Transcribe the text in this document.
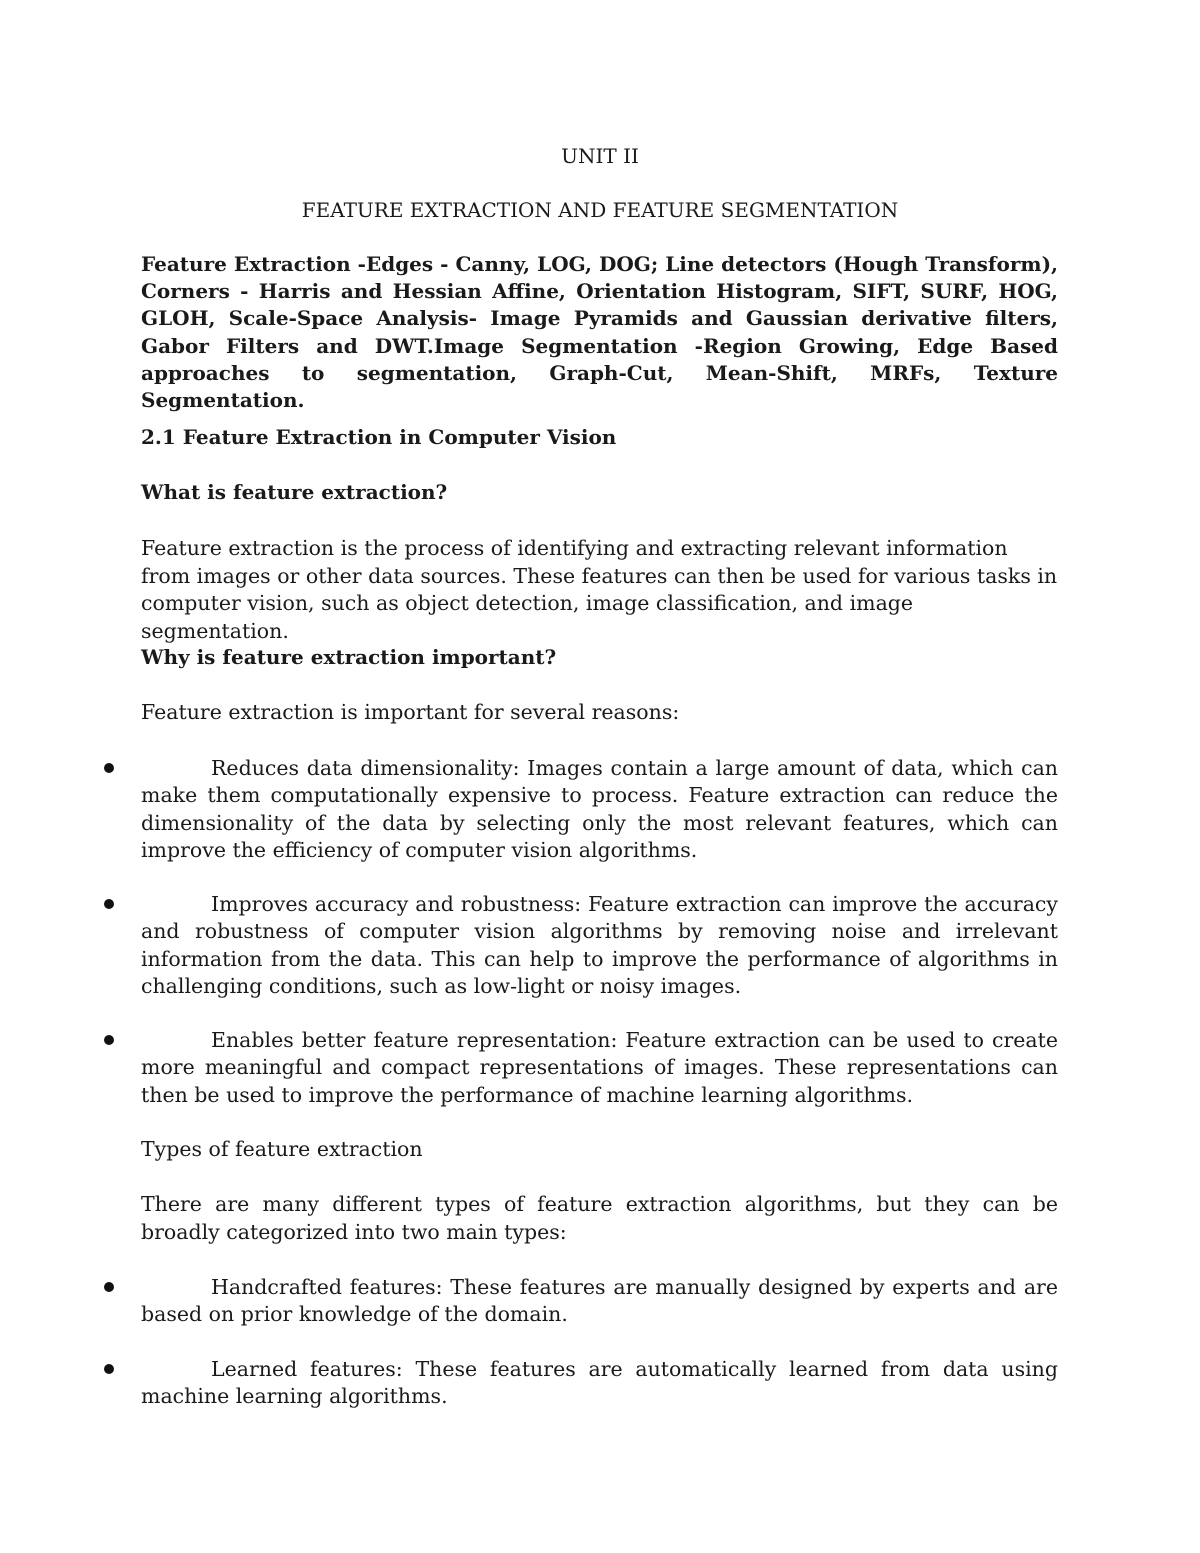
UNIT II
FEATURE EXTRACTION AND FEATURE SEGMENTATION
Feature Extraction -Edges - Canny, LOG, DOG; Line detectors (Hough Transform), Corners - Harris and Hessian Affine, Orientation Histogram, SIFT, SURF, HOG, GLOH, Scale-Space Analysis- Image Pyramids and Gaussian derivative filters, Gabor Filters and DWT.Image Segmentation -Region Growing, Edge Based approaches to segmentation, Graph-Cut, Mean-Shift, MRFs, Texture Segmentation.
2.1 Feature Extraction in Computer Vision
What is feature extraction?
Feature extraction is the process of identifying and extracting relevant information from images or other data sources. These features can then be used for various tasks in computer vision, such as object detection, image classification, and image segmentation.
Why is feature extraction important?
Feature extraction is important for several reasons:
Reduces data dimensionality: Images contain a large amount of data, which can make them computationally expensive to process. Feature extraction can reduce the dimensionality of the data by selecting only the most relevant features, which can improve the efficiency of computer vision algorithms.
Improves accuracy and robustness: Feature extraction can improve the accuracy and robustness of computer vision algorithms by removing noise and irrelevant information from the data. This can help to improve the performance of algorithms in challenging conditions, such as low-light or noisy images.
Enables better feature representation: Feature extraction can be used to create more meaningful and compact representations of images. These representations can then be used to improve the performance of machine learning algorithms.
Types of feature extraction
There are many different types of feature extraction algorithms, but they can be broadly categorized into two main types:
Handcrafted features: These features are manually designed by experts and are based on prior knowledge of the domain.
Learned features: These features are automatically learned from data using machine learning algorithms.
